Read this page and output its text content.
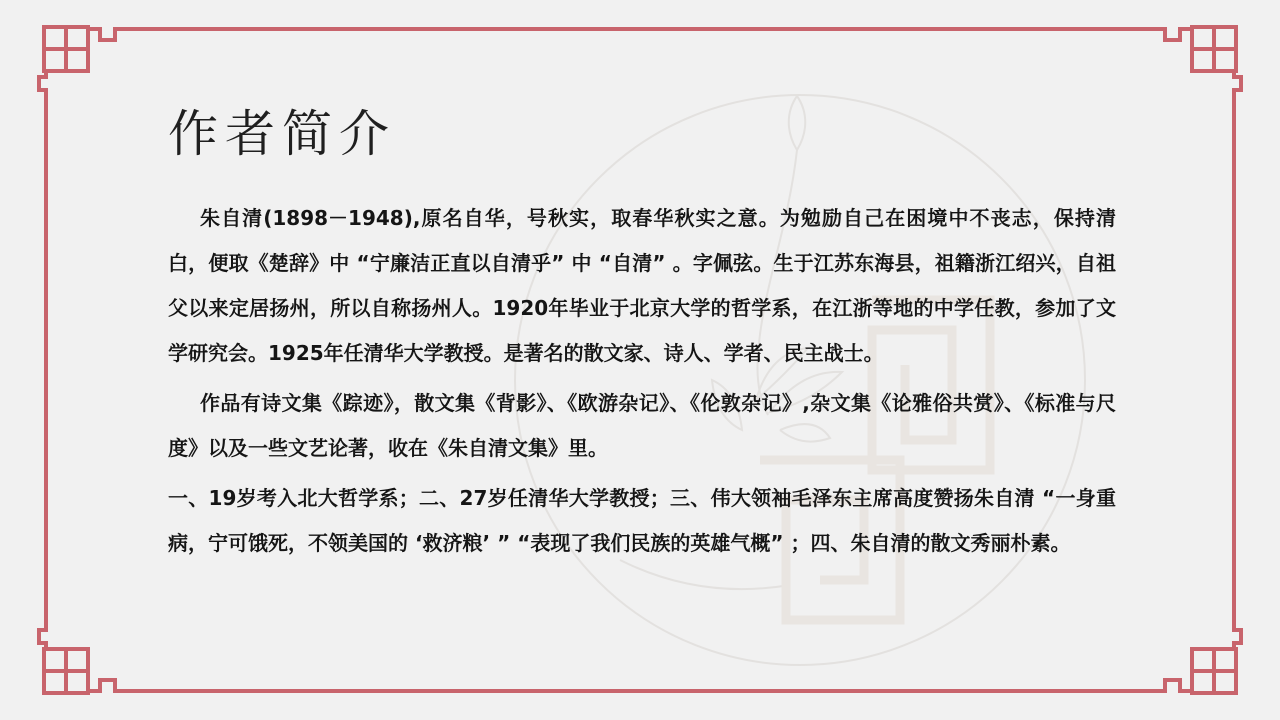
作者简介

朱自清(1898－1948),原名自华，号秋实，取春华秋实之意。为勉励自己在困境中不丧志，保持清白，便取《楚辞》中 “宁廉洁正直以自清乎” 中 “自清” 。字佩弦。生于江苏东海县，祖籍浙江绍兴，自祖父以来定居扬州，所以自称扬州人。1920年毕业于北京大学的哲学系，在江浙等地的中学任教，参加了文学研究会。1925年任清华大学教授。是著名的散文家、诗人、学者、民主战士。

作品有诗文集《踪迹》，散文集《背影》、《欧游杂记》、《伦敦杂记》,杂文集《论雅俗共赏》、《标准与尺度》以及一些文艺论著，收在《朱自清文集》里。

一、19岁考入北大哲学系；二、27岁任清华大学教授；三、伟大领袖毛泽东主席高度赞扬朱自清 “一身重病，宁可饿死，不领美国的 ‘救济粮’ ” “表现了我们民族的英雄气概” ；四、朱自清的散文秀丽朴素。
